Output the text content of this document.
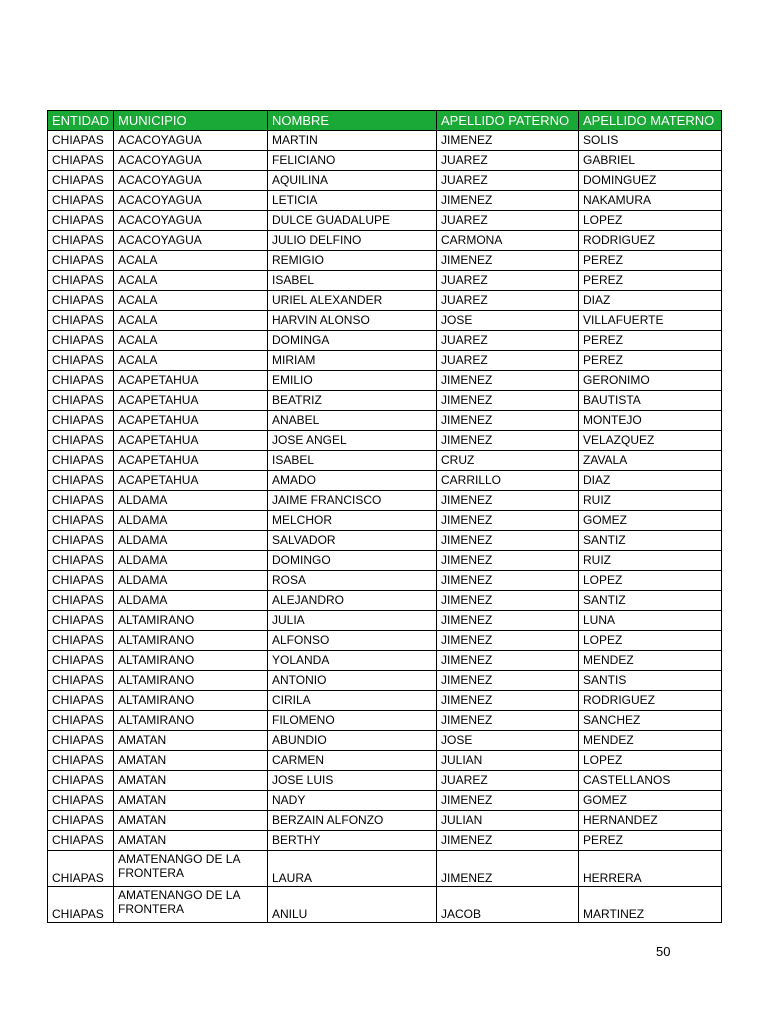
ENTIDAD	MUNICIPIO	NOMBRE	APELLIDO PATERNO	APELLIDO MATERNO
CHIAPAS	ACACOYAGUA	MARTIN	JIMENEZ	SOLIS
CHIAPAS	ACACOYAGUA	FELICIANO	JUAREZ	GABRIEL
CHIAPAS	ACACOYAGUA	AQUILINA	JUAREZ	DOMINGUEZ
CHIAPAS	ACACOYAGUA	LETICIA	JIMENEZ	NAKAMURA
CHIAPAS	ACACOYAGUA	DULCE GUADALUPE	JUAREZ	LOPEZ
CHIAPAS	ACACOYAGUA	JULIO DELFINO	CARMONA	RODRIGUEZ
CHIAPAS	ACALA	REMIGIO	JIMENEZ	PEREZ
CHIAPAS	ACALA	ISABEL	JUAREZ	PEREZ
CHIAPAS	ACALA	URIEL ALEXANDER	JUAREZ	DIAZ
CHIAPAS	ACALA	HARVIN ALONSO	JOSE	VILLAFUERTE
CHIAPAS	ACALA	DOMINGA	JUAREZ	PEREZ
CHIAPAS	ACALA	MIRIAM	JUAREZ	PEREZ
CHIAPAS	ACAPETAHUA	EMILIO	JIMENEZ	GERONIMO
CHIAPAS	ACAPETAHUA	BEATRIZ	JIMENEZ	BAUTISTA
CHIAPAS	ACAPETAHUA	ANABEL	JIMENEZ	MONTEJO
CHIAPAS	ACAPETAHUA	JOSE ANGEL	JIMENEZ	VELAZQUEZ
CHIAPAS	ACAPETAHUA	ISABEL	CRUZ	ZAVALA
CHIAPAS	ACAPETAHUA	AMADO	CARRILLO	DIAZ
CHIAPAS	ALDAMA	JAIME FRANCISCO	JIMENEZ	RUIZ
CHIAPAS	ALDAMA	MELCHOR	JIMENEZ	GOMEZ
CHIAPAS	ALDAMA	SALVADOR	JIMENEZ	SANTIZ
CHIAPAS	ALDAMA	DOMINGO	JIMENEZ	RUIZ
CHIAPAS	ALDAMA	ROSA	JIMENEZ	LOPEZ
CHIAPAS	ALDAMA	ALEJANDRO	JIMENEZ	SANTIZ
CHIAPAS	ALTAMIRANO	JULIA	JIMENEZ	LUNA
CHIAPAS	ALTAMIRANO	ALFONSO	JIMENEZ	LOPEZ
CHIAPAS	ALTAMIRANO	YOLANDA	JIMENEZ	MENDEZ
CHIAPAS	ALTAMIRANO	ANTONIO	JIMENEZ	SANTIS
CHIAPAS	ALTAMIRANO	CIRILA	JIMENEZ	RODRIGUEZ
CHIAPAS	ALTAMIRANO	FILOMENO	JIMENEZ	SANCHEZ
CHIAPAS	AMATAN	ABUNDIO	JOSE	MENDEZ
CHIAPAS	AMATAN	CARMEN	JULIAN	LOPEZ
CHIAPAS	AMATAN	JOSE LUIS	JUAREZ	CASTELLANOS
CHIAPAS	AMATAN	NADY	JIMENEZ	GOMEZ
CHIAPAS	AMATAN	BERZAIN ALFONZO	JULIAN	HERNANDEZ
CHIAPAS	AMATAN	BERTHY	JIMENEZ	PEREZ
CHIAPAS	AMATENANGO DE LA FRONTERA	LAURA	JIMENEZ	HERRERA
CHIAPAS	AMATENANGO DE LA FRONTERA	ANILU	JACOB	MARTINEZ
50
